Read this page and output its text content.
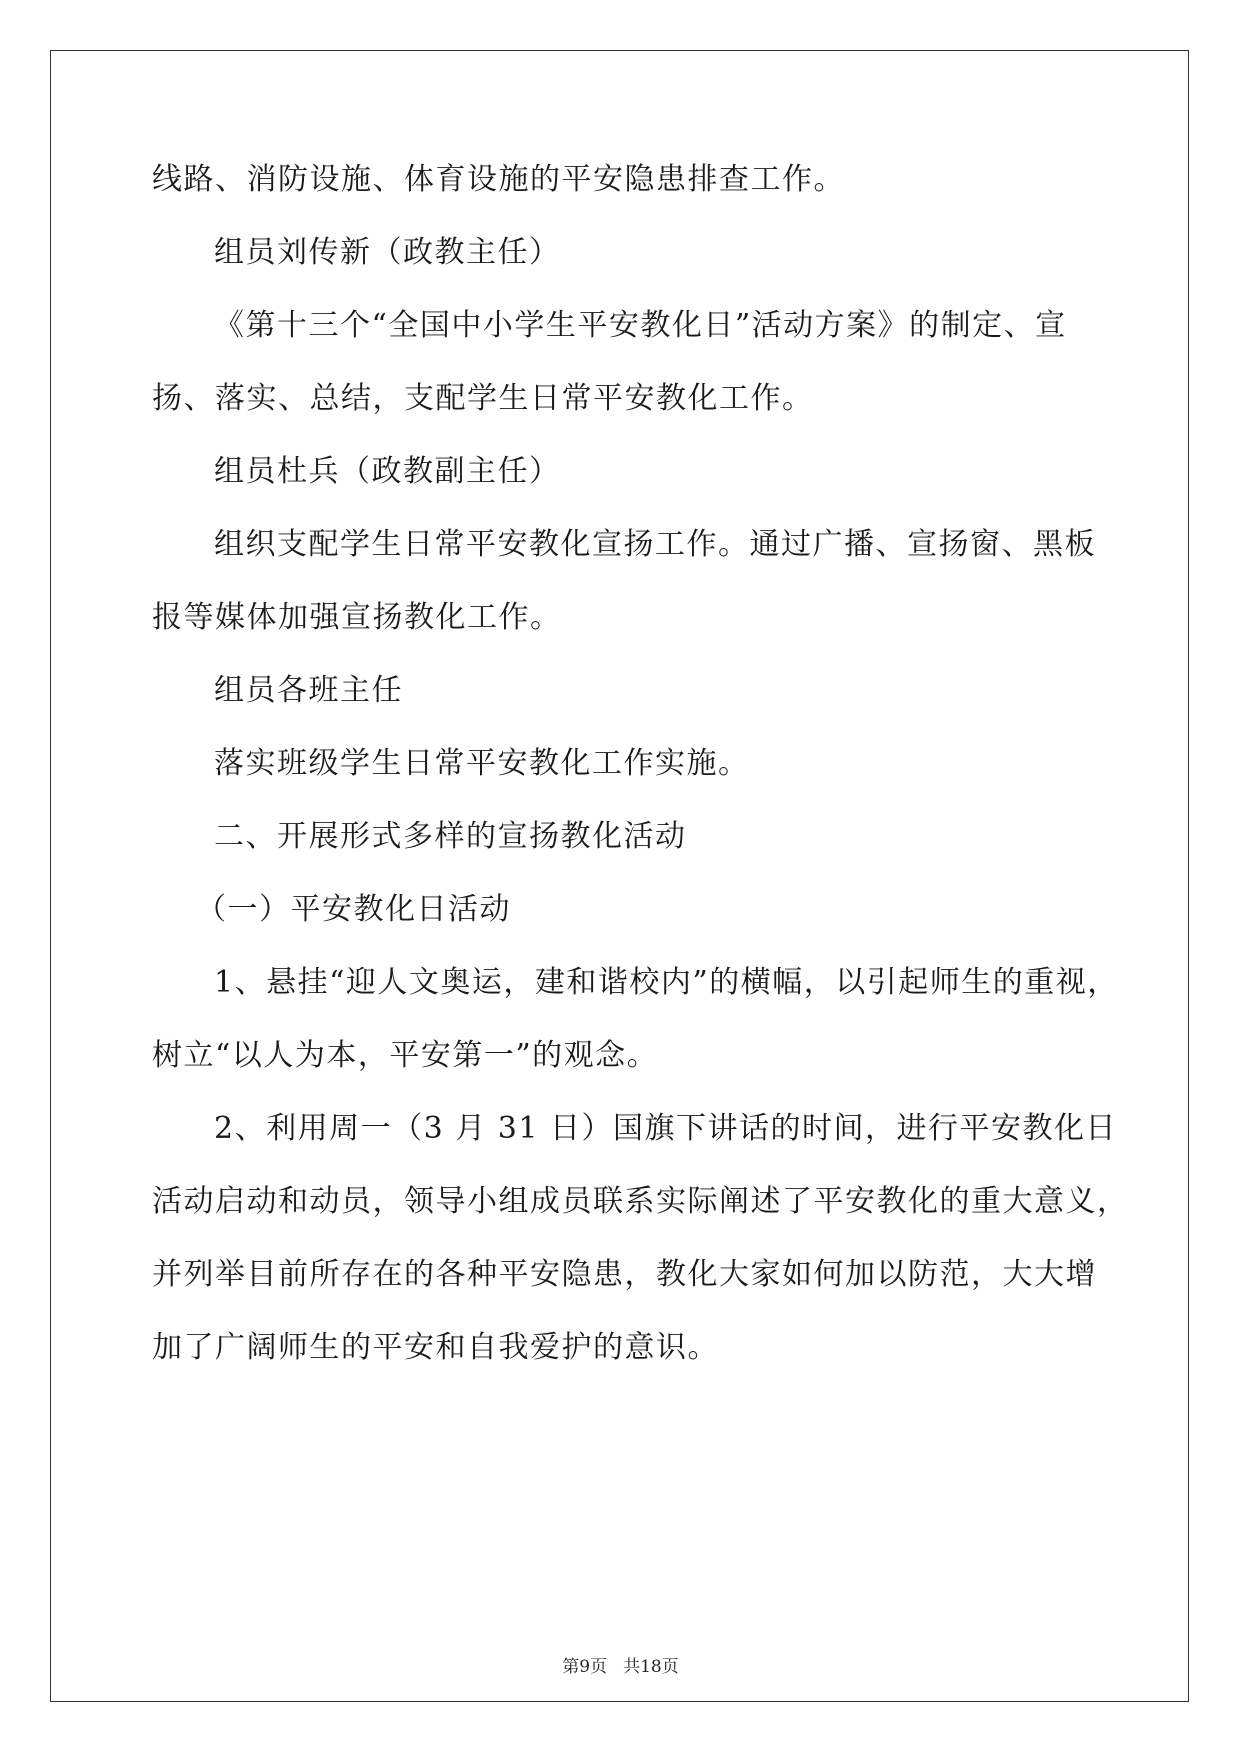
线路、消防设施、体育设施的平安隐患排查工作。
组员刘传新（政教主任）
《第十三个“全国中小学生平安教化日”活动方案》的制定、宣
扬、落实、总结，支配学生日常平安教化工作。
组员杜兵（政教副主任）
组织支配学生日常平安教化宣扬工作。通过广播、宣扬窗、黑板
报等媒体加强宣扬教化工作。
组员各班主任
落实班级学生日常平安教化工作实施。
二、开展形式多样的宣扬教化活动
（一）平安教化日活动
1、悬挂“迎人文奥运，建和谐校内”的横幅，以引起师生的重视，
树立“以人为本，平安第一”的观念。
2、利用周一（3 月 31 日）国旗下讲话的时间，进行平安教化日
活动启动和动员，领导小组成员联系实际阐述了平安教化的重大意义，
并列举目前所存在的各种平安隐患，教化大家如何加以防范，大大增
加了广阔师生的平安和自我爱护的意识。
第9页 共18页
